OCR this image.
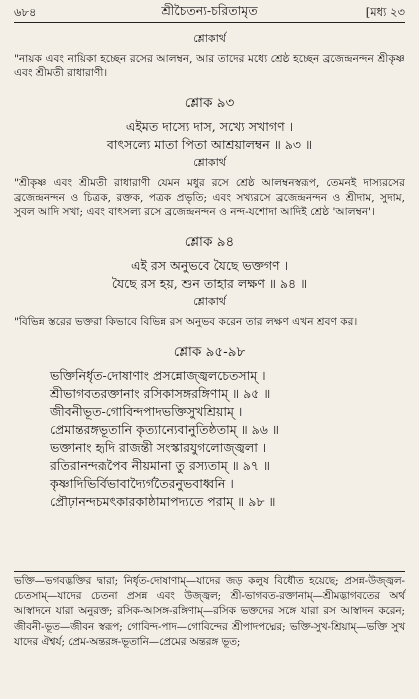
৬৮৪	শ্রীচৈতন্য-চরিতামৃত	[মধ্য ২৩

শ্লোকার্থ

"নায়ক এবং নায়িকা হচ্ছেন রসের আলম্বন, আর তাদের মধ্যে শ্রেষ্ঠ হচ্ছেন ব্রজেন্দ্রনন্দন শ্রীকৃষ্ণ এবং শ্রীমতী রাধারাণী।

শ্লোক ৯৩

এইমত দাস্যে দাস, সখ্যে সখাগণ ।

বাৎসল্যে মাতা পিতা আশ্রয়ালম্বন ॥ ৯৩ ॥

শ্লোকার্থ

"শ্রীকৃষ্ণ এবং শ্রীমতী রাধারাণী যেমন মধুর রসে শ্রেষ্ঠ আলম্বনস্বরূপ, তেমনই দাস্যরসের ব্রজেন্দ্রনন্দন ও চিত্রক, রক্তক, পত্রক প্রভৃতি; এবং সখ্যরসে ব্রজেন্দ্রনন্দন ও শ্রীদাম, সুদাম, সুবল আদি সখা; এবং বাৎসল্য রসে ব্রজেন্দ্রনন্দন ও নন্দ-যশোদা আদিই শ্রেষ্ঠ 'আলম্বন'।

শ্লোক ৯৪

এই রস অনুভবে যৈছে ভক্তগণ ।

যৈছে রস হয়, শুন তাহার লক্ষণ ॥ ৯৪ ॥

শ্লোকার্থ

"বিভিন্ন স্তরের ভক্তরা কিভাবে বিভিন্ন রস অনুভব করেন তার লক্ষণ এখন শ্রবণ কর।

শ্লোক ৯৫-৯৮

ভক্তিনির্ধৃত-দোষাণাং প্রসন্নোজ্জ্বলচেতসাম্ ।

শ্রীভাগবতরক্তানাং রসিকাসঙ্গরঙ্গিণাম্ ॥ ৯৫ ॥

জীবনীভূত-গোবিন্দপাদভক্তিসুখশ্রিয়াম্ ।

প্রেমান্তরঙ্গভূতানি কৃত্যান্যেবানুতিষ্ঠতাম্ ॥ ৯৬ ॥

ভক্তানাং হৃদি রাজন্তী সংস্কারযুগলোজ্জ্বলা ।

রতিরানন্দরূপৈব নীয়মানা তু রস্যতাম্ ॥ ৯৭ ॥

কৃষ্ণাদিভির্বিভাবাদ্যৈর্গতৈরনুভবাধ্বনি ।

প্রৌঢ়ানন্দচমৎকারকাষ্ঠামাপদ্যতে পরাম্ ॥ ৯৮ ॥

ভক্তি—ভগবদ্ভক্তির দ্বারা; নির্ধৃত-দোষাণাম্—যাদের জড় কলুষ বিধৌত হয়েছে; প্রসন্ন-উজ্জ্বল-চেতসাম্—যাদের চেতনা প্রসন্ন এবং উজ্জ্বল; শ্রী-ভাগবত-রক্তানাম্—শ্রীমদ্ভাগবতের অর্থ আস্বাদনে যারা অনুরক্ত; রসিক-আসঙ্গ-রঙ্গিণাম্—রসিক ভক্তদের সঙ্গে যারা রস আস্বাদন করেন; জীবনী-ভূত—জীবন স্বরূপ; গোবিন্দ-পাদ—গোবিন্দের শ্রীপাদপদ্মের; ভক্তি-সুখ-শ্রিয়াম্—ভক্তি সুখ যাদের ঐশ্বর্য; প্রেম-অন্তরঙ্গ-ভূতানি—প্রেমের অন্তরঙ্গ ভূত;
